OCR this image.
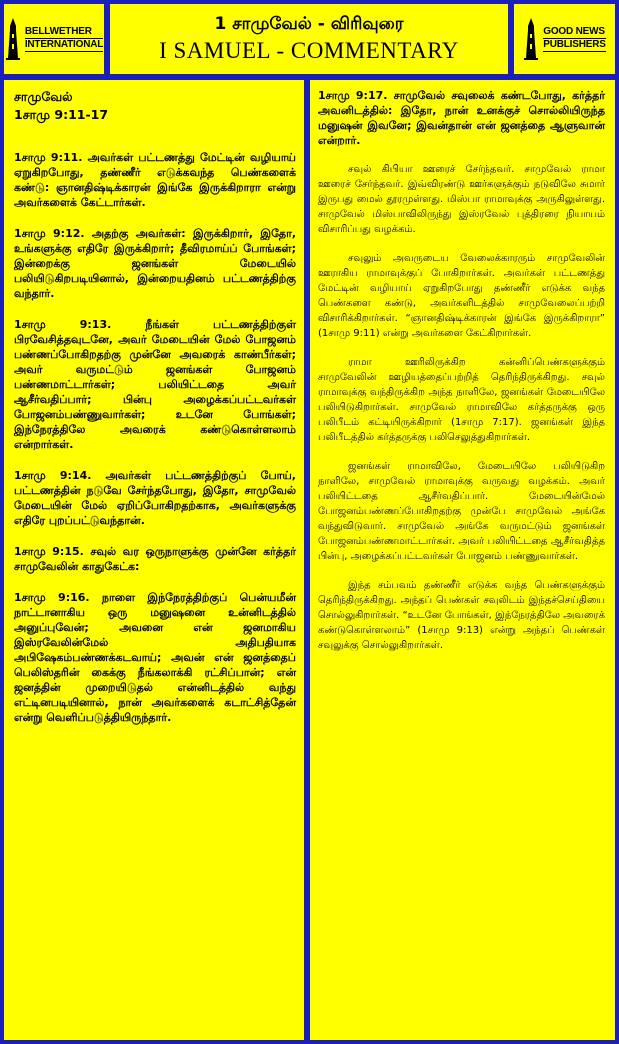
BELLWETHER
INTERNATIONAL
1 சாமுவேல் - விரிவுரை
I SAMUEL - COMMENTARY
GOOD NEWS
PUBLISHERS
சாமுவேல்
1சாமு 9:11-17

1சாமு 9:11. அவர்கள் பட்டணத்து மேட்டின் வழியாய் ஏறுகிறபோது, தண்ணீர் எடுக்கவந்த பெண்களைக் கண்டு: ஞானதிஷ்டிக்காரன் இங்கே இருக்கிறாரா என்று அவர்களைக் கேட்டார்கள்.

1சாமு 9:12. அதற்கு அவர்கள்: இருக்கிறார், இதோ, உங்களுக்கு எதிரே இருக்கிறார்; தீவிரமாய்ப் போங்கள்; இன்றைக்கு ஜனங்கள் மேடையில் பலியிடுகிறபடியினால், இன்றையதினம் பட்டணத்திற்கு வந்தார்.

1சாமு 9:13. நீங்கள் பட்டணத்திற்குள் பிரவேசித்தவுடனே, அவர் மேடையின் மேல் போஜனம் பண்ணப்போகிறதற்கு முன்னே அவரைக் காண்பீர்கள்; அவர் வருமட்டும் ஜனங்கள் போஜனம் பண்ணமாட்டார்கள்; பலியிட்டதை அவர் ஆசீர்வதிப்பார்; பின்பு அழைக்கப்பட்டவர்கள் போஜனம்பண்ணுவார்கள்; உடனே போங்கள்; இந்நேரத்திலே அவரைக் கண்டுகொள்ளலாம் என்றார்கள்.

1சாமு 9:14. அவர்கள் பட்டணத்திற்குப் போய், பட்டணத்தின் நடுவே சேர்ந்தபோது, இதோ, சாமுவேல் மேடையின் மேல் ஏறிப்போகிறதற்காக, அவர்களுக்கு எதிரே புறப்பட்டுவந்தான்.

1சாமு 9:15. சவுல் வர ஒருநாளுக்கு முன்னே கர்த்தர் சாமுவேலின் காதுகேட்க:

1சாமு 9:16. நாளை இந்நேரத்திற்குப் பென்யமீன் நாட்டானாகிய ஒரு மனுஷனை உன்னிடத்தில் அனுப்புவேன்; அவனை என் ஜனமாகிய இஸ்ரவேலின்மேல் அதிபதியாக அபிஷேகம்பண்ணக்கடவாய்; அவன் என் ஜனத்தைப் பெலிஸ்தரின் கைக்கு நீங்கலாக்கி ரட்சிப்பான்; என் ஜனத்தின் முறையிடுதல் என்னிடத்தில் வந்து எட்டினபடியினால், நான் அவர்களைக் கடாட்சித்தேன் என்று வெளிப்படுத்தியிருந்தார்.

1சாமு 9:17. சாமுவேல் சவுலைக் கண்டபோது, கர்த்தர் அவனிடத்தில்: இதோ, நான் உனக்குச் சொல்லியிருந்த மனுஷன் இவனே; இவன்தான் என் ஜனத்தை ஆளுவான் என்றார்.

சவுல் கிபியா ஊரைச் சேர்ந்தவர். சாமுவேல் ராமா ஊரைச் சேர்ந்தவர். இவ்விரண்டு ஊர்களுக்கும் நடுவிலே சுமார் இருபது மைல் தூரமுள்ளது. மிஸ்பா ராமாவுக்கு அருகிலுள்ளது. சாமுவேல் மிஸ்பாவிலிருந்து இஸ்ரவேல் புத்திரரை நியாயம் விசாரிப்பது வழக்கம்.

சவுலும் அவருடைய வேலைக்காரரும் சாமுவேலின் ஊராகிய ராமாவுக்குப் போகிறார்கள். அவர்கள் பட்டணத்து மேட்டின் வழியாய் ஏறுகிறபோது தண்ணீர் எடுக்க வந்த பெண்களை கண்டு, அவர்களிடத்தில் சாமுவேலைப்பற்றி விசாரிக்கிறார்கள். “ஞானதிஷ்டிக்காரன் இங்கே இருக்கிறாரா” (1சாமு 9:11) என்று அவர்களை கேட்கிறார்கள்.

ராமா ஊரிலிருக்கிற கன்னிப்பெண்களுக்கும் சாமுவேலின் ஊழியத்தைப்பற்றித் தெரிந்திருக்கிறது. சவுல் ராமாவுக்கு வந்திருக்கிற அந்த நாளிலே, ஜனங்கள் மேடையிலே பலியிடுகிறார்கள். சாமுவேல் ராமாவிலே கர்த்தருக்கு ஒரு பலிபீடம் கட்டியிருக்கிறார் (1சாமு 7:17). ஜனங்கள் இந்த பலிபீடத்தில் கர்த்தருக்கு பலிசெலுத்துகிறார்கள்.

ஜனங்கள் ராமாவிலே, மேடையிலே பலியிடுகிற நாளிலே, சாமுவேல் ராமாவுக்கு வருவது வழக்கம். அவர் பலியிட்டதை ஆசீர்வதிப்பார். மேடையின்மேல் போஜனம்பண்ணப்போகிறதற்கு முன்பே சாமுவேல் அங்கே வந்துவிடுவார். சாமுவேல் அங்கே வருமட்டும் ஜனங்கள் போஜனம்பண்ணமாட்டார்கள். அவர் பலியிட்டதை ஆசீர்வதித்த பின்பு, அழைக்கப்பட்டவர்கள் போஜனம் பண்ணுவார்கள்.

இந்த சம்பவம் தண்ணீர் எடுக்க வந்த பெண்களுக்கும் தெரிந்திருக்கிறது. அந்தப் பெண்கள் சவுலிடம் இந்தச்செய்தியை சொல்லுகிறார்கள். “உடனே போங்கள், இந்நேரத்திலே அவரைக் கண்டுகொள்ளலாம்” (1சாமு 9:13) என்று அந்தப் பெண்கள் சவுலுக்கு சொல்லுகிறார்கள்.
